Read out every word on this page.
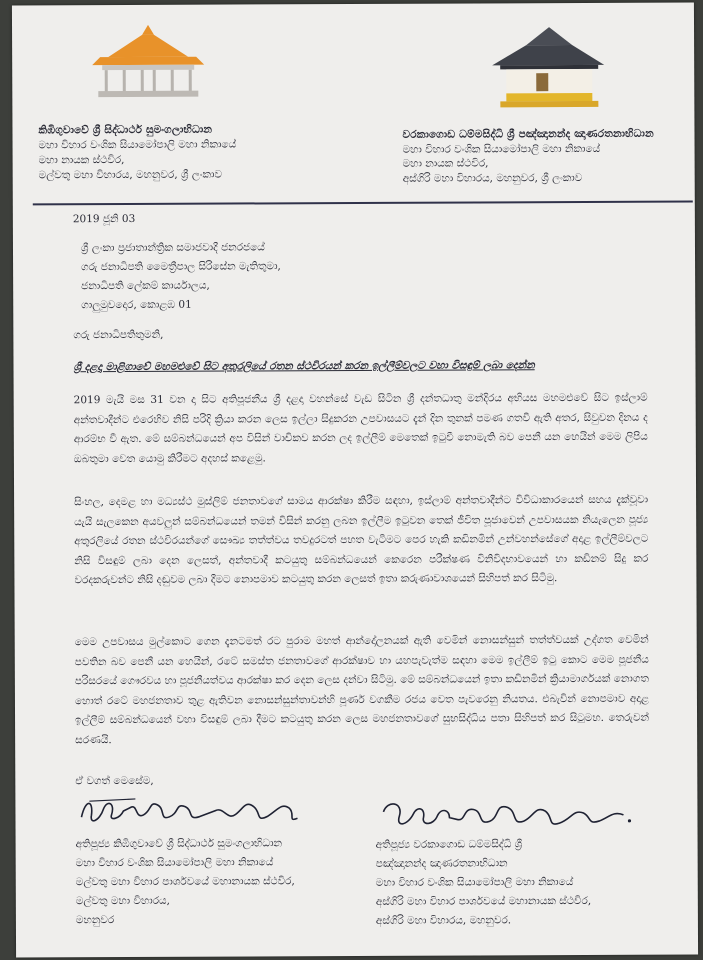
කිඹිගුවාවේ ශ්‍රී සිද්ධාර්ථ සුමංගලාභිධාන
මහා විහාර වංශික සියාමෝපාලි මහා නිකායේ
මහා නායක ස්ථවිර,
මල්වතු මහා විහාරය, මහනුවර, ශ්‍රී ලංකාව
වරකාගොඩ ධම්මසිද්ධි ශ්‍රී පඤ්ඤානන්ද ඤාණරතනාභිධාන
මහා විහාර වංශික සියාමෝපාලි මහා නිකායේ
මහා නායක ස්ථවිර,
අස්ගිරි මහා විහාරය, මහනුවර, ශ්‍රී ලංකාව
2019 ජූනි 03
ශ්‍රී ලංකා ප්‍රජාතාන්ත්‍රික සමාජවාදී ජනරජයේ
ගරු ජනාධිපති මෛත්‍රීපාල සිරිසේන මැතිතුමා,
ජනාධිපති ලේකම් කාර්යාලය,
ගාලුමුවදොර, කොළඹ 01
ගරු ජනාධිපතිතුමනි,
ශ්‍රී දළදා මාළිගාවේ මහමළුවේ සිට අතුරලියේ රතන ස්ථවිරයන් කරන ඉල්ලීම්වලට වහා විසඳුම් ලබා දෙන්න
2019 මැයි මස 31 වන දා සිට අතිපූජනීය ශ්‍රී දළදා වහන්සේ වැඩ සිටින ශ්‍රී දන්තධාතු මන්දිරය අභියස මහමළුවේ සිට ඉස්ලාම් අන්තවාදීන්ට එරෙහිව නිසි පරිදි ක්‍රියා කරන ලෙස ඉල්ලා සිදුකරන උපවාසයට දැන් දින තුනක් පමණ ගතවී ඇති අතර, සිවුවන දිනය ද ආරම්භ වී ඇත. මේ සම්බන්ධයෙන් අප විසින් වාචිකව කරන ලද ඉල්ලීම් මෙතෙක් ඉටුවී නොමැති බව පෙනී යන හෙයින් මෙම ලිපිය ඔබතුමා වෙත යොමු කිරීමට අදහස් කළෙමු.
සිංහල, දෙමළ හා මධ්‍යස්ථ මුස්ලිම් ජනතාවගේ සාමය ආරක්ෂා කිරීම සඳහා, ඉස්ලාම් අන්තවාදීන්ට විවිධාකාරයෙන් සහය දැක්වූවා යැයි සැලකෙන අයවලුන් සම්බන්ධයෙන් තමන් විසින් කරනු ලබන ඉල්ලීම ඉටුවන තෙක් ජීවිත පූජාවෙන් උපවාසයක නියැලෙන පූජ්‍ය අතුරලියේ රතන ස්ථවිරයන්ගේ සෞඛ්‍ය තත්ත්වය තවදුරටත් පහත වැටීමට පෙර හැකි කඩිනමින් උන්වහන්සේගේ අදාළ ඉල්ලීම්වලට නිසි විසඳුම් ලබා දෙන ලෙසත්, අන්තවාදී කටයුතු සම්බන්ධයෙන් කෙරෙන පරීක්ෂණ විනිවිදභාවයෙන් හා කඩිනම් සිදු කර වරදකරුවන්ට නිසි දඬුවම ලබා දීමට නොපමාව කටයුතු කරන ලෙසත් ඉතා කරුණාවාශයෙන් සිහිපත් කර සිටිමු.
මෙම උපවාසය මුල්කොට ගෙන දැනටමත් රට පුරාම මහත් ආන්දෝලනයක් ඇති වෙමින් නොසන්සුන් තත්ත්වයක් උද්ගත වෙමින් පවතින බව පෙනී යන හෙයින්, රටේ සමස්ත ජනතාවගේ ආරක්ෂාව හා යහපැවැත්ම සඳහා මෙම ඉල්ලීම් ඉටු කොට මෙම පූජනීය පරිසරයේ ගෞරවය හා පූජනීයත්වය ආරක්ෂා කර දෙන ලෙස දන්වා සිටිමු. මේ සම්බන්ධයෙන් ඉතා කඩිනමින් ක්‍රියාමාර්ගයක් නොගත හොත් රටේ මහජනතාව තුළ ඇතිවන නොසන්සුන්තාවන්හි පූර්ණ වගකීම රජය වෙත පැවරෙනු නියතය. එබැවින් නොපමාව අදාළ ඉල්ලීම් සම්බන්ධයෙන් වහා විසඳුම් ලබා දීමට කටයුතු කරන ලෙස මහජනතාවගේ සුභසිද්ධිය පතා සිහිපත් කර සිටුමහ. තෙරුවන් සරණයි.
ඒ වගත් මෙසේම,
අතිපූජ්‍ය කිඹිගුවාවේ ශ්‍රී සිද්ධාර්ථ සුමංගලාභිධාන
මහා විහාර වංශික සියාමෝපාලි මහා නිකායේ
මල්වතු මහා විහාර පාර්ශවයේ මහානායක ස්ථවිර,
මල්වතු මහා විහාරය,
මහනුවර
අතිපූජ්‍ය වරකාගොඩ ධම්මසිද්ධි ශ්‍රී
පඤ්ඤානන්ද ඤාණරතනාභිධාන
මහා විහාර වංශික සියාමෝපාලි මහා නිකායේ
අස්ගිරි මහා විහාර පාර්ශවයේ මහානායක ස්ථවිර,
අස්ගිරි මහා විහාරය, මහනුවර.
